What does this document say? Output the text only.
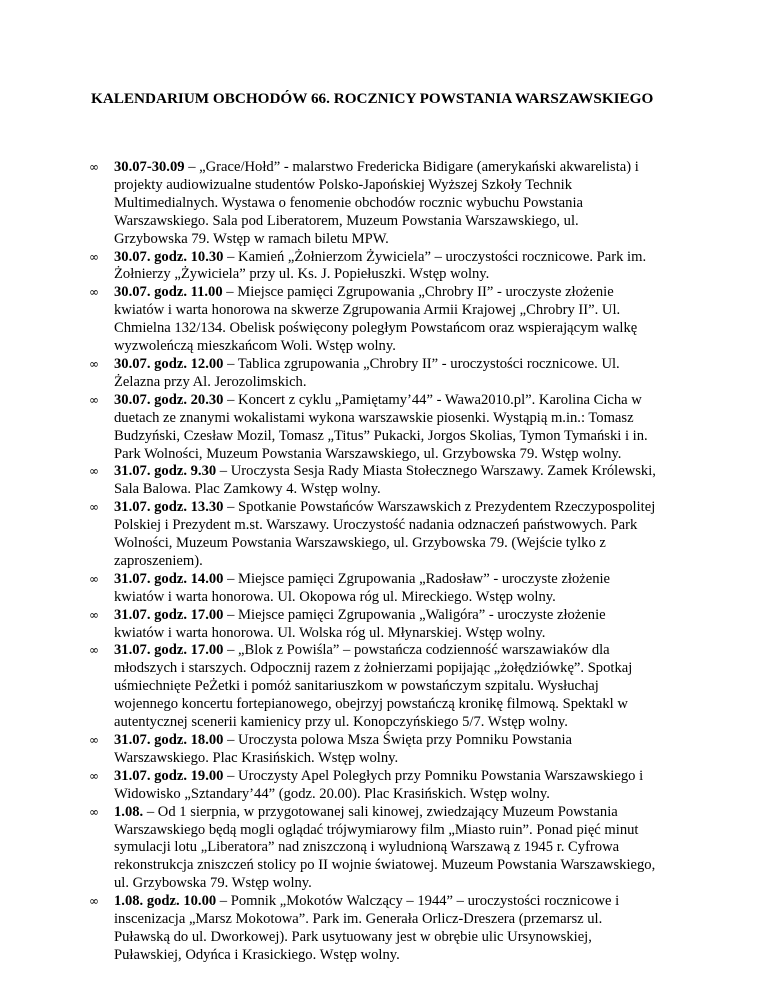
KALENDARIUM OBCHODÓW 66. ROCZNICY POWSTANIA WARSZAWSKIEGO
∞ 30.07-30.09 – „Grace/Hołd” - malarstwo Fredericka Bidigare (amerykański akwarelista) i projekty audiowizualne studentów Polsko-Japońskiej Wyższej Szkoły Technik Multimedialnych. Wystawa o fenomenie obchodów rocznic wybuchu Powstania Warszawskiego. Sala pod Liberatorem, Muzeum Powstania Warszawskiego, ul. Grzybowska 79. Wstęp w ramach biletu MPW.
∞ 30.07. godz. 10.30 – Kamień „Żołnierzom Żywiciela” – uroczystości rocznicowe. Park im. Żołnierzy „Żywiciela” przy ul. Ks. J. Popiełuszki. Wstęp wolny.
∞ 30.07. godz. 11.00 – Miejsce pamięci Zgrupowania „Chrobry II” - uroczyste złożenie kwiatów i warta honorowa na skwerze Zgrupowania Armii Krajowej „Chrobry II”. Ul. Chmielna 132/134. Obelisk poświęcony poległym Powstańcom oraz wspierającym walkę wyzwoleńczą mieszkańcom Woli. Wstęp wolny.
∞ 30.07. godz. 12.00 – Tablica zgrupowania „Chrobry II” - uroczystości rocznicowe. Ul. Żelazna przy Al. Jerozolimskich.
∞ 30.07. godz. 20.30 – Koncert z cyklu „Pamiętamy’44” - Wawa2010.pl”. Karolina Cicha w duetach ze znanymi wokalistami wykona warszawskie piosenki. Wystąpią m.in.: Tomasz Budzyński, Czesław Mozil, Tomasz „Titus” Pukacki, Jorgos Skolias, Tymon Tymański i in. Park Wolności, Muzeum Powstania Warszawskiego, ul. Grzybowska 79. Wstęp wolny.
∞ 31.07. godz. 9.30 – Uroczysta Sesja Rady Miasta Stołecznego Warszawy. Zamek Królewski, Sala Balowa. Plac Zamkowy 4. Wstęp wolny.
∞ 31.07. godz. 13.30 – Spotkanie Powstańców Warszawskich z Prezydentem Rzeczypospolitej Polskiej i Prezydent m.st. Warszawy. Uroczystość nadania odznaczeń państwowych. Park Wolności, Muzeum Powstania Warszawskiego, ul. Grzybowska 79. (Wejście tylko z zaproszeniem).
∞ 31.07. godz. 14.00 – Miejsce pamięci Zgrupowania „Radosław” - uroczyste złożenie kwiatów i warta honorowa. Ul. Okopowa róg ul. Mireckiego. Wstęp wolny.
∞ 31.07. godz. 17.00 – Miejsce pamięci Zgrupowania „Waligóra” - uroczyste złożenie kwiatów i warta honorowa. Ul. Wolska róg ul. Młynarskiej. Wstęp wolny.
∞ 31.07. godz. 17.00 – „Blok z Powiśla” – powstańcza codzienność warszawiaków dla młodszych i starszych. Odpocznij razem z żołnierzami popijając „żołędziówkę”. Spotkaj uśmiechnięte PeŻetki i pomóż sanitariuszkom w powstańczym szpitalu. Wysłuchaj wojennego koncertu fortepianowego, obejrzyj powstańczą kronikę filmową. Spektakl w autentycznej scenerii kamienicy przy ul. Konopczyńskiego 5/7. Wstęp wolny.
∞ 31.07. godz. 18.00 – Uroczysta polowa Msza Święta przy Pomniku Powstania Warszawskiego. Plac Krasińskich. Wstęp wolny.
∞ 31.07. godz. 19.00 – Uroczysty Apel Poległych przy Pomniku Powstania Warszawskiego i Widowisko „Sztandary’44” (godz. 20.00). Plac Krasińskich. Wstęp wolny.
∞ 1.08. – Od 1 sierpnia, w przygotowanej sali kinowej, zwiedzający Muzeum Powstania Warszawskiego będą mogli oglądać trójwymiarowy film „Miasto ruin”. Ponad pięć minut symulacji lotu „Liberatora” nad zniszczoną i wyludnioną Warszawą z 1945 r. Cyfrowa rekonstrukcja zniszczeń stolicy po II wojnie światowej. Muzeum Powstania Warszawskiego, ul. Grzybowska 79. Wstęp wolny.
∞ 1.08. godz. 10.00 – Pomnik „Mokotów Walczący – 1944” – uroczystości rocznicowe i inscenizacja „Marsz Mokotowa”. Park im. Generała Orlicz-Dreszera (przemarsz ul. Puławską do ul. Dworkowej). Park usytuowany jest w obrębie ulic Ursynowskiej, Puławskiej, Odyńca i Krasickiego. Wstęp wolny.
